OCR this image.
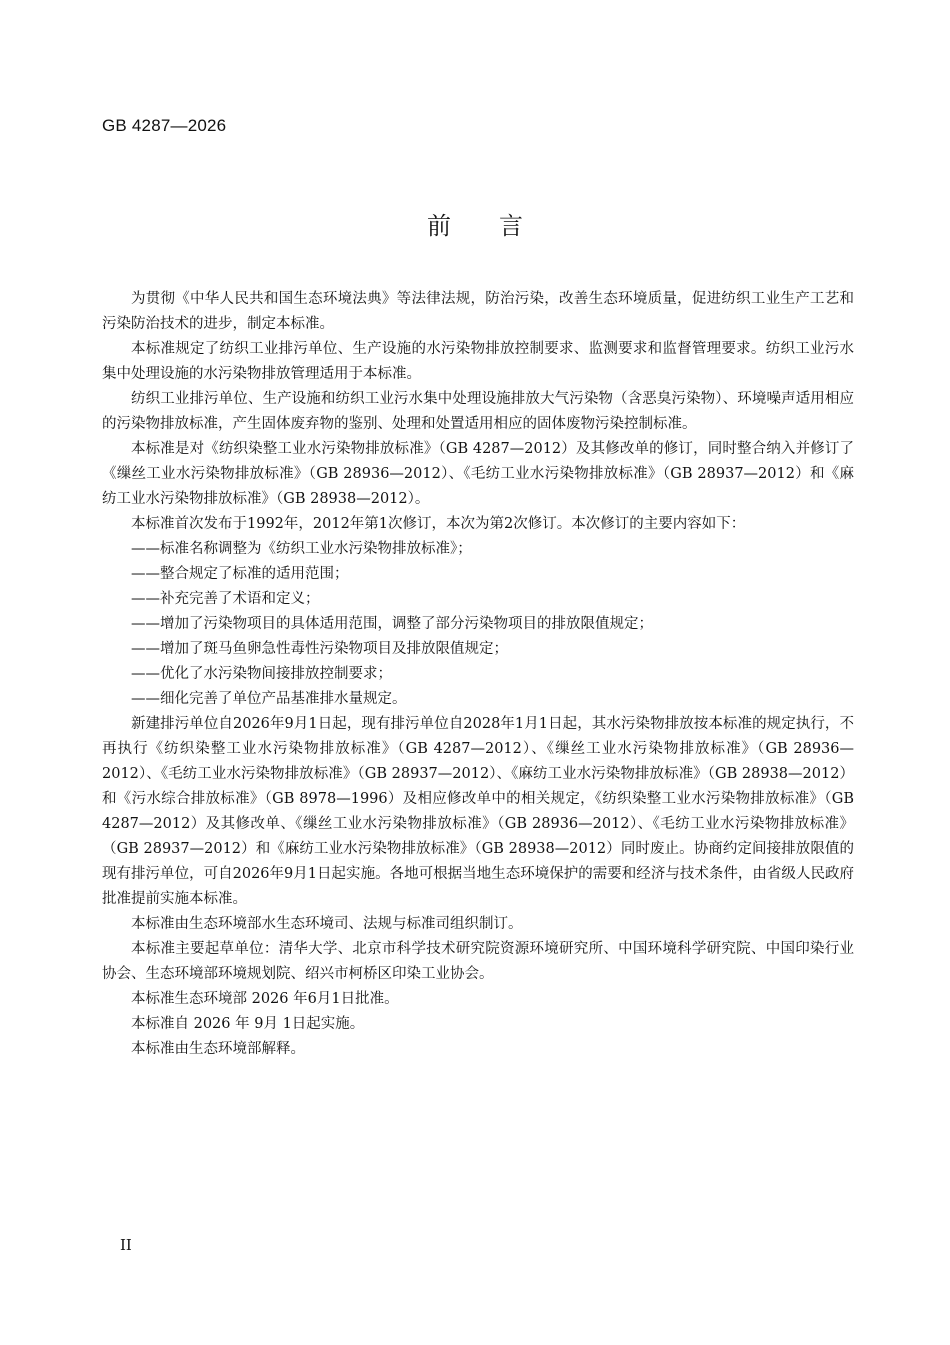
GB 4287—2026
前言

为贯彻《中华人民共和国生态环境法典》等法律法规，防治污染，改善生态环境质量，促进纺织工业生产工艺和污染防治技术的进步，制定本标准。

本标准规定了纺织工业排污单位、生产设施的水污染物排放控制要求、监测要求和监督管理要求。纺织工业污水集中处理设施的水污染物排放管理适用于本标准。

纺织工业排污单位、生产设施和纺织工业污水集中处理设施排放大气污染物（含恶臭污染物）、环境噪声适用相应的污染物排放标准，产生固体废弃物的鉴别、处理和处置适用相应的固体废物污染控制标准。

本标准是对《纺织染整工业水污染物排放标准》（GB 4287—2012）及其修改单的修订，同时整合纳入并修订了《缫丝工业水污染物排放标准》（GB 28936—2012）、《毛纺工业水污染物排放标准》（GB 28937—2012）和《麻纺工业水污染物排放标准》（GB 28938—2012）。

本标准首次发布于1992年，2012年第1次修订，本次为第2次修订。本次修订的主要内容如下：

——标准名称调整为《纺织工业水污染物排放标准》；
——整合规定了标准的适用范围；
——补充完善了术语和定义；
——增加了污染物项目的具体适用范围，调整了部分污染物项目的排放限值规定；
——增加了斑马鱼卵急性毒性污染物项目及排放限值规定；
——优化了水污染物间接排放控制要求；
——细化完善了单位产品基准排水量规定。

新建排污单位自2026年9月1日起，现有排污单位自2028年1月1日起，其水污染物排放按本标准的规定执行，不再执行《纺织染整工业水污染物排放标准》（GB 4287—2012）、《缫丝工业水污染物排放标准》（GB 28936—2012）、《毛纺工业水污染物排放标准》（GB 28937—2012）、《麻纺工业水污染物排放标准》（GB 28938—2012）和《污水综合排放标准》（GB 8978—1996）及相应修改单中的相关规定，《纺织染整工业水污染物排放标准》（GB 4287—2012）及其修改单、《缫丝工业水污染物排放标准》（GB 28936—2012）、《毛纺工业水污染物排放标准》（GB 28937—2012）和《麻纺工业水污染物排放标准》（GB 28938—2012）同时废止。协商约定间接排放限值的现有排污单位，可自2026年9月1日起实施。各地可根据当地生态环境保护的需要和经济与技术条件，由省级人民政府批准提前实施本标准。

本标准由生态环境部水生态环境司、法规与标准司组织制订。

本标准主要起草单位：清华大学、北京市科学技术研究院资源环境研究所、中国环境科学研究院、中国印染行业协会、生态环境部环境规划院、绍兴市柯桥区印染工业协会。

本标准生态环境部 2026 年6月1日批准。

本标准自 2026 年 9月 1日起实施。

本标准由生态环境部解释。

II
